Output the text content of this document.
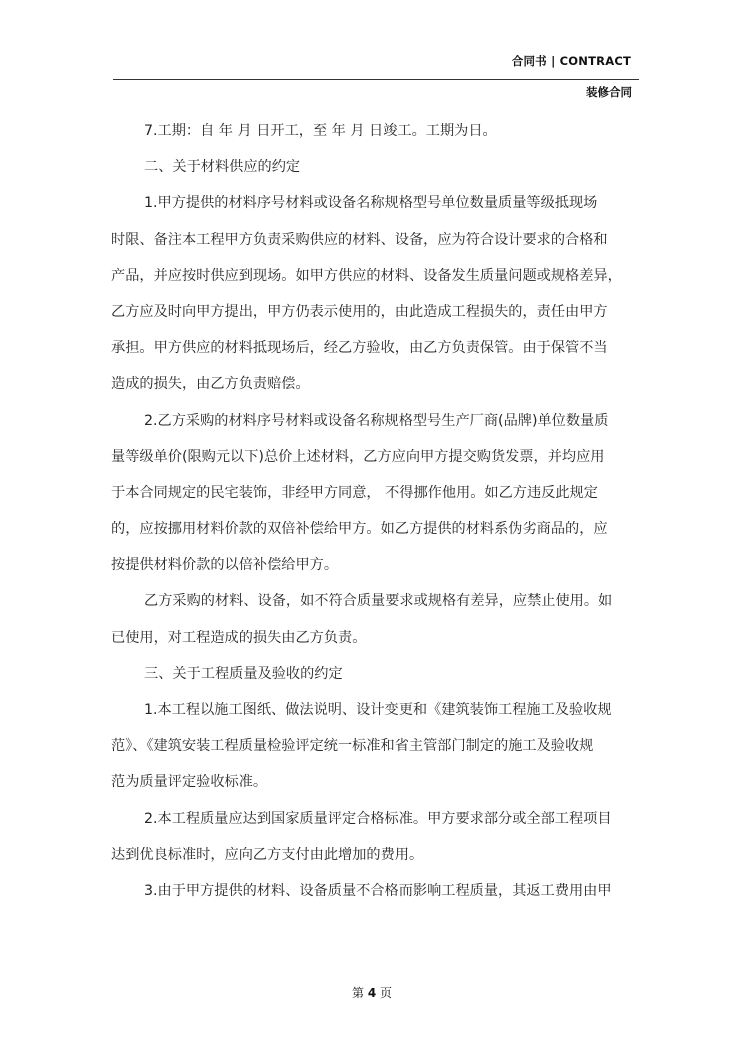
合同书 | CONTRACT
装修合同
7.工期：自 年 月 日开工，至 年 月 日竣工。工期为日。
二、关于材料供应的约定
1.甲方提供的材料序号材料或设备名称规格型号单位数量质量等级抵现场
时限、备注本工程甲方负责采购供应的材料、设备，应为符合设计要求的合格和
产品，并应按时供应到现场。如甲方供应的材料、设备发生质量问题或规格差异，
乙方应及时向甲方提出，甲方仍表示使用的，由此造成工程损失的，责任由甲方
承担。甲方供应的材料抵现场后，经乙方验收，由乙方负责保管。由于保管不当
造成的损失，由乙方负责赔偿。
2.乙方采购的材料序号材料或设备名称规格型号生产厂商(品牌)单位数量质
量等级单价(限购元以下)总价上述材料，乙方应向甲方提交购货发票，并均应用
于本合同规定的民宅装饰，非经甲方同意， 不得挪作他用。如乙方违反此规定
的，应按挪用材料价款的双倍补偿给甲方。如乙方提供的材料系伪劣商品的，应
按提供材料价款的以倍补偿给甲方。
乙方采购的材料、设备，如不符合质量要求或规格有差异，应禁止使用。如
已使用，对工程造成的损失由乙方负责。
三、关于工程质量及验收的约定
1.本工程以施工图纸、做法说明、设计变更和《建筑装饰工程施工及验收规
范》、《建筑安装工程质量检验评定统一标准和省主管部门制定的施工及验收规
范为质量评定验收标准。
2.本工程质量应达到国家质量评定合格标准。甲方要求部分或全部工程项目
达到优良标准时，应向乙方支付由此增加的费用。
3.由于甲方提供的材料、设备质量不合格而影响工程质量，其返工费用由甲
第 4 页
